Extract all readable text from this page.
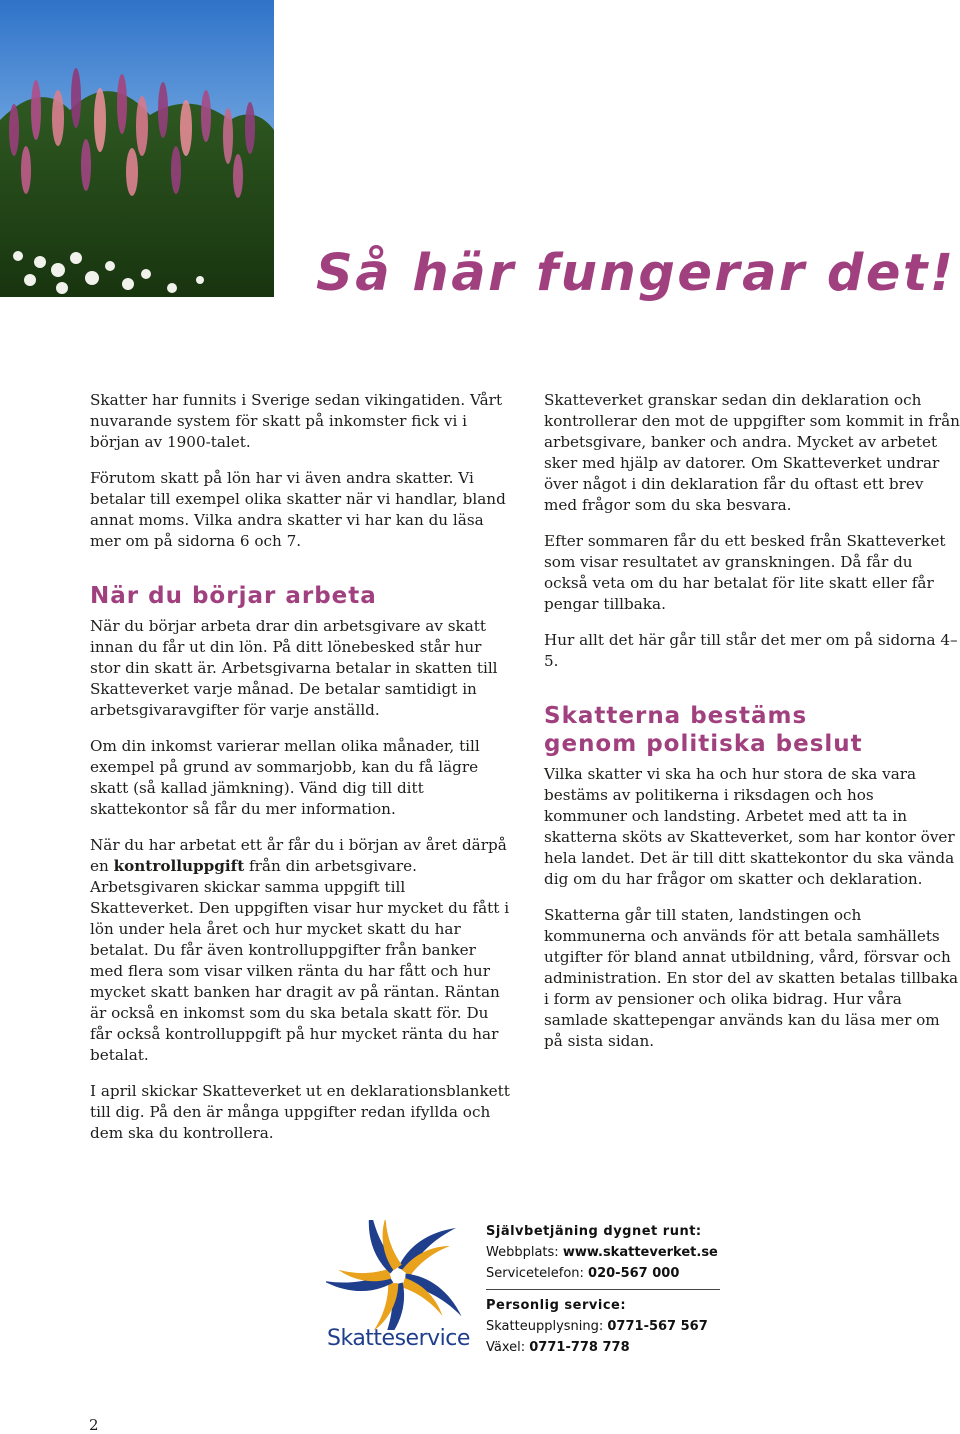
Så här fungerar det!

Skatter har funnits i Sverige sedan vikingatiden. Vårt nuvarande system för skatt på inkomster fick vi i början av 1900-talet.

Förutom skatt på lön har vi även andra skatter. Vi betalar till exempel olika skatter när vi handlar, bland annat moms. Vilka andra skatter vi har kan du läsa mer om på sidorna 6 och 7.

När du börjar arbeta

När du börjar arbeta drar din arbetsgivare av skatt innan du får ut din lön. På ditt lönebesked står hur stor din skatt är. Arbetsgivarna betalar in skatten till Skatteverket varje månad. De betalar samtidigt in arbetsgivaravgifter för varje anställd.

Om din inkomst varierar mellan olika månader, till exempel på grund av sommarjobb, kan du få lägre skatt (så kallad jämkning). Vänd dig till ditt skattekontor så får du mer information.

När du har arbetat ett år får du i början av året därpå en kontrolluppgift från din arbetsgivare. Arbetsgivaren skickar samma uppgift till Skatteverket. Den uppgiften visar hur mycket du fått i lön under hela året och hur mycket skatt du har betalat. Du får även kontrolluppgifter från banker med flera som visar vilken ränta du har fått och hur mycket skatt banken har dragit av på räntan. Räntan är också en inkomst som du ska betala skatt för. Du får också kontrolluppgift på hur mycket ränta du har betalat.

I april skickar Skatteverket ut en deklarationsblankett till dig. På den är många uppgifter redan ifyllda och dem ska du kontrollera.

Skatteverket granskar sedan din deklaration och kontrollerar den mot de uppgifter som kommit in från arbetsgivare, banker och andra. Mycket av arbetet sker med hjälp av datorer. Om Skatteverket undrar över något i din deklaration får du oftast ett brev med frågor som du ska besvara.

Efter sommaren får du ett besked från Skatteverket som visar resultatet av granskningen. Då får du också veta om du har betalat för lite skatt eller får pengar tillbaka.

Hur allt det här går till står det mer om på sidorna 4–5.

Skatterna bestäms
genom politiska beslut

Vilka skatter vi ska ha och hur stora de ska vara bestäms av politikerna i riksdagen och hos kommuner och landsting. Arbetet med att ta in skatterna sköts av Skatteverket, som har kontor över hela landet. Det är till ditt skattekontor du ska vända dig om du har frågor om skatter och deklaration.

Skatterna går till staten, landstingen och kommunerna och används för att betala samhällets utgifter för bland annat utbildning, vård, försvar och administration. En stor del av skatten betalas tillbaka i form av pensioner och olika bidrag. Hur våra samlade skattepengar används kan du läsa mer om på sista sidan.

Skatteservice
Självbetjäning dygnet runt:
Webbplats: www.skatteverket.se
Servicetelefon: 020-567 000
Personlig service:
Skatteupplysning: 0771-567 567
Växel: 0771-778 778
2
